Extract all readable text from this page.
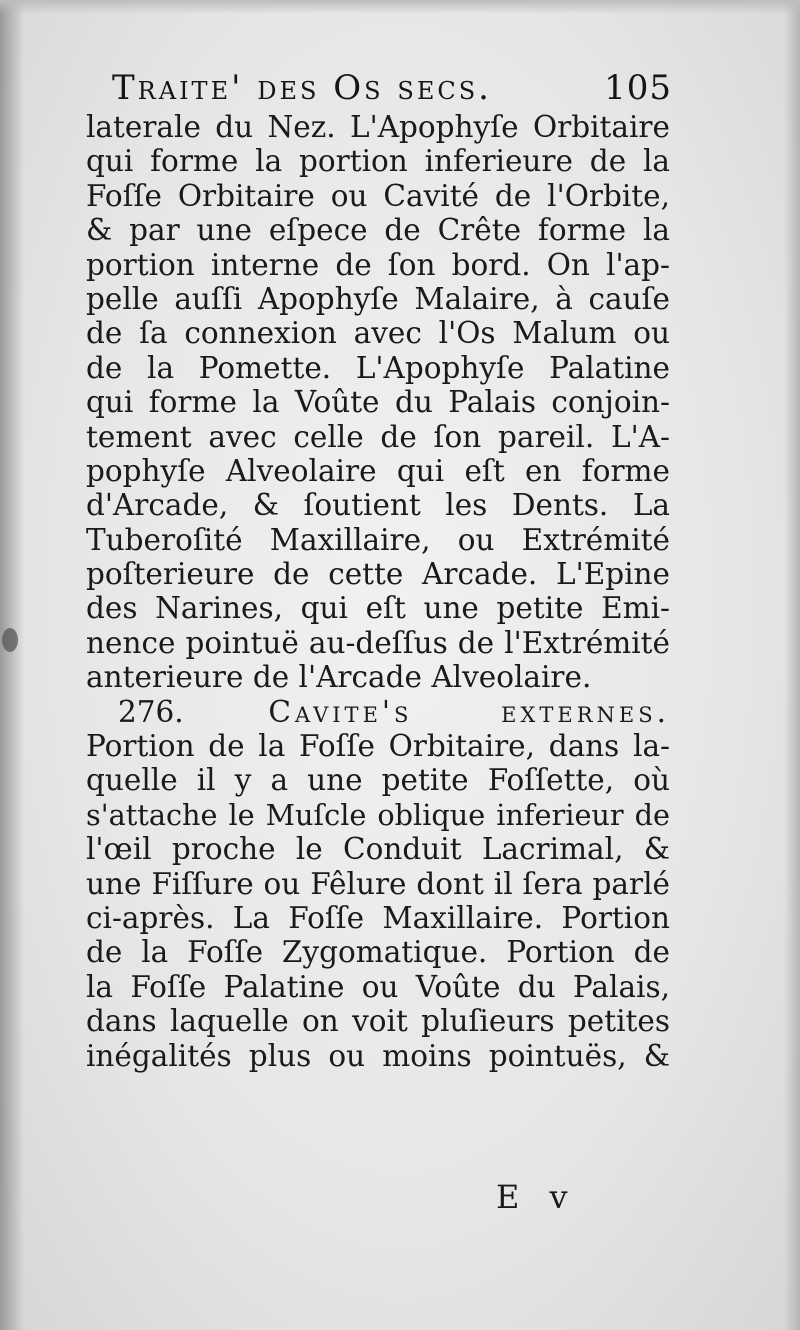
Traite' des Os secs.	105
laterale du Nez. L'Apophyſe Orbitaire
qui forme la portion inferieure de la
Foſſe Orbitaire ou Cavité de l'Orbite,
& par une eſpece de Crête forme la
portion interne de ſon bord. On l'ap-
pelle auſſi Apophyſe Malaire, à cauſe
de ſa connexion avec l'Os Malum ou
de la Pomette. L'Apophyſe Palatine
qui forme la Voûte du Palais conjoin-
tement avec celle de ſon pareil. L'A-
pophyſe Alveolaire qui eſt en forme
d'Arcade, & ſoutient les Dents. La
Tuberoſité Maxillaire, ou Extrémité
poſterieure de cette Arcade. L'Epine
des Narines, qui eſt une petite Emi-
nence pointuë au-deſſus de l'Extrémité
anterieure de l'Arcade Alveolaire.
276.	Cavite's externes.
Portion de la Foſſe Orbitaire, dans la-
quelle il y a une petite Foſſette, où
s'attache le Muſcle oblique inferieur de
l'œil proche le Conduit Lacrimal, &
une Fiſſure ou Fêlure dont il ſera parlé
ci-après. La Foſſe Maxillaire. Portion
de la Foſſe Zygomatique. Portion de
la Foſſe Palatine ou Voûte du Palais,
dans laquelle on voit pluſieurs petites
inégalités plus ou moins pointuës, &
E v
